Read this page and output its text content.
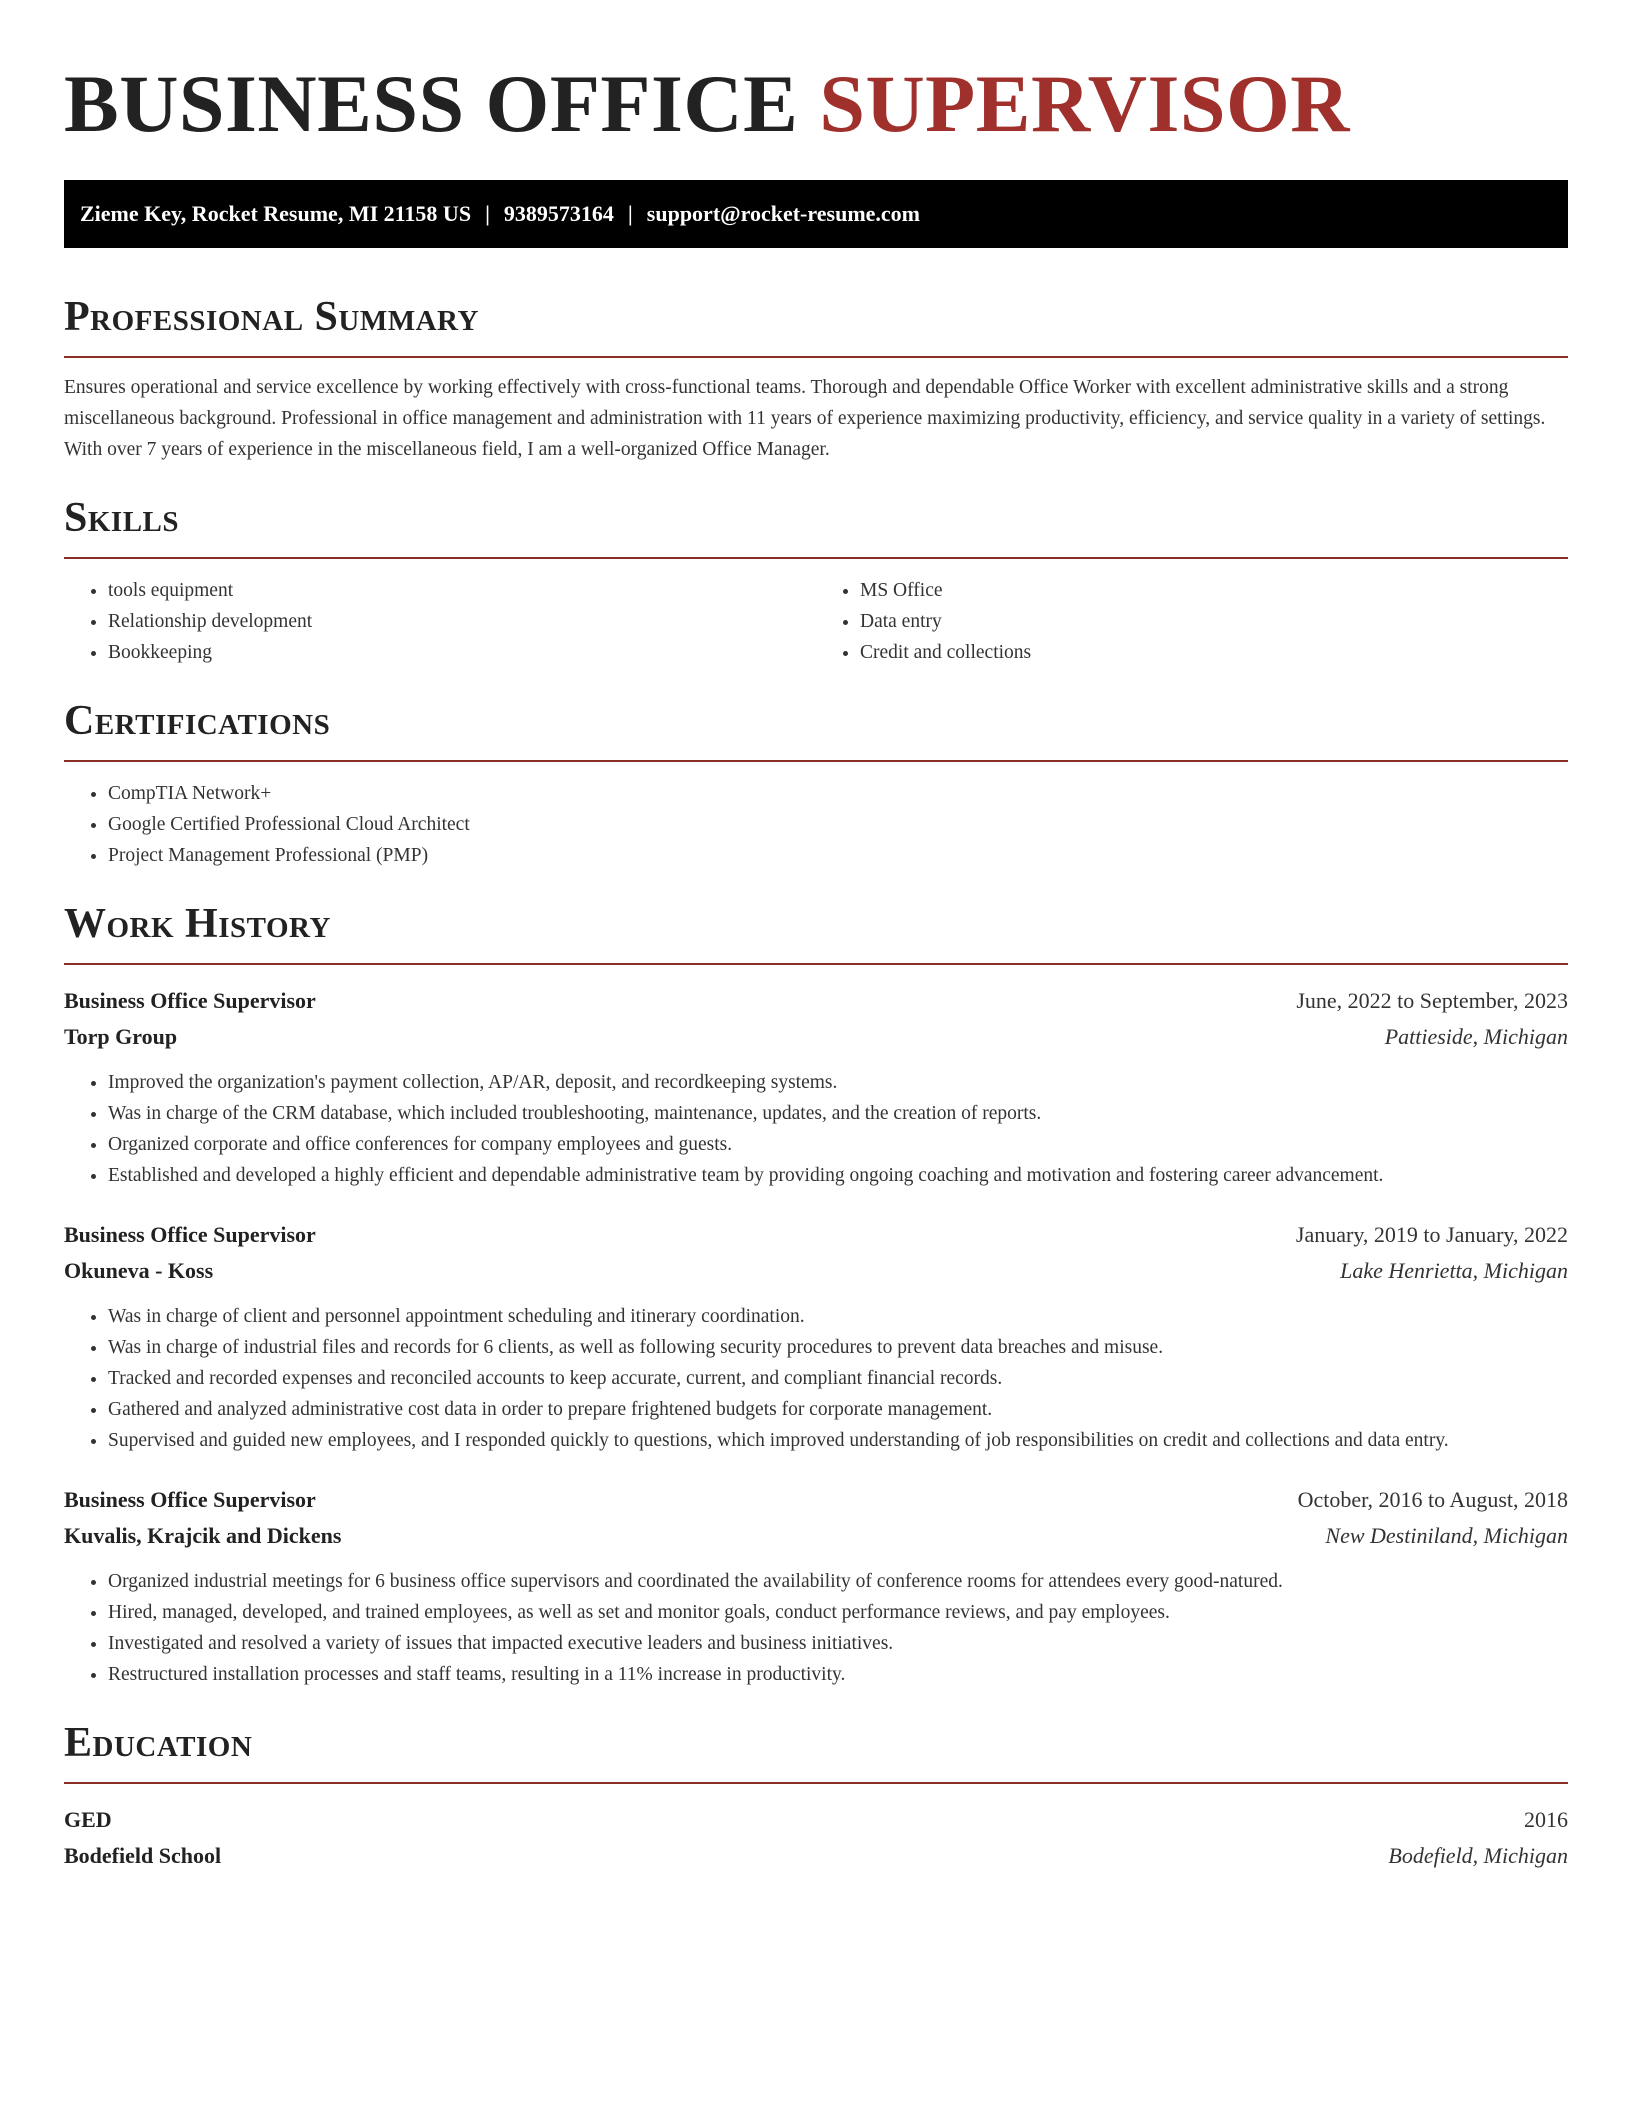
BUSINESS OFFICE SUPERVISOR
Zieme Key, Rocket Resume, MI 21158 US | 9389573164 | support@rocket-resume.com
Professional Summary

Ensures operational and service excellence by working effectively with cross-functional teams. Thorough and dependable Office Worker with excellent administrative skills and a strong miscellaneous background. Professional in office management and administration with 11 years of experience maximizing productivity, efficiency, and service quality in a variety of settings. With over 7 years of experience in the miscellaneous field, I am a well-organized Office Manager.

Skills
• tools equipment
• Relationship development
• Bookkeeping
• MS Office
• Data entry
• Credit and collections
Certifications
• CompTIA Network+
• Google Certified Professional Cloud Architect
• Project Management Professional (PMP)
Work History
Business Office Supervisor	June, 2022 to September, 2023
Torp Group	Pattieside, Michigan
• Improved the organization's payment collection, AP/AR, deposit, and recordkeeping systems.
• Was in charge of the CRM database, which included troubleshooting, maintenance, updates, and the creation of reports.
• Organized corporate and office conferences for company employees and guests.
• Established and developed a highly efficient and dependable administrative team by providing ongoing coaching and motivation and fostering career advancement.
Business Office Supervisor	January, 2019 to January, 2022
Okuneva - Koss	Lake Henrietta, Michigan
• Was in charge of client and personnel appointment scheduling and itinerary coordination.
• Was in charge of industrial files and records for 6 clients, as well as following security procedures to prevent data breaches and misuse.
• Tracked and recorded expenses and reconciled accounts to keep accurate, current, and compliant financial records.
• Gathered and analyzed administrative cost data in order to prepare frightened budgets for corporate management.
• Supervised and guided new employees, and I responded quickly to questions, which improved understanding of job responsibilities on credit and collections and data entry.
Business Office Supervisor	October, 2016 to August, 2018
Kuvalis, Krajcik and Dickens	New Destiniland, Michigan
• Organized industrial meetings for 6 business office supervisors and coordinated the availability of conference rooms for attendees every good-natured.
• Hired, managed, developed, and trained employees, as well as set and monitor goals, conduct performance reviews, and pay employees.
• Investigated and resolved a variety of issues that impacted executive leaders and business initiatives.
• Restructured installation processes and staff teams, resulting in a 11% increase in productivity.
Education
GED	2016
Bodefield School	Bodefield, Michigan
